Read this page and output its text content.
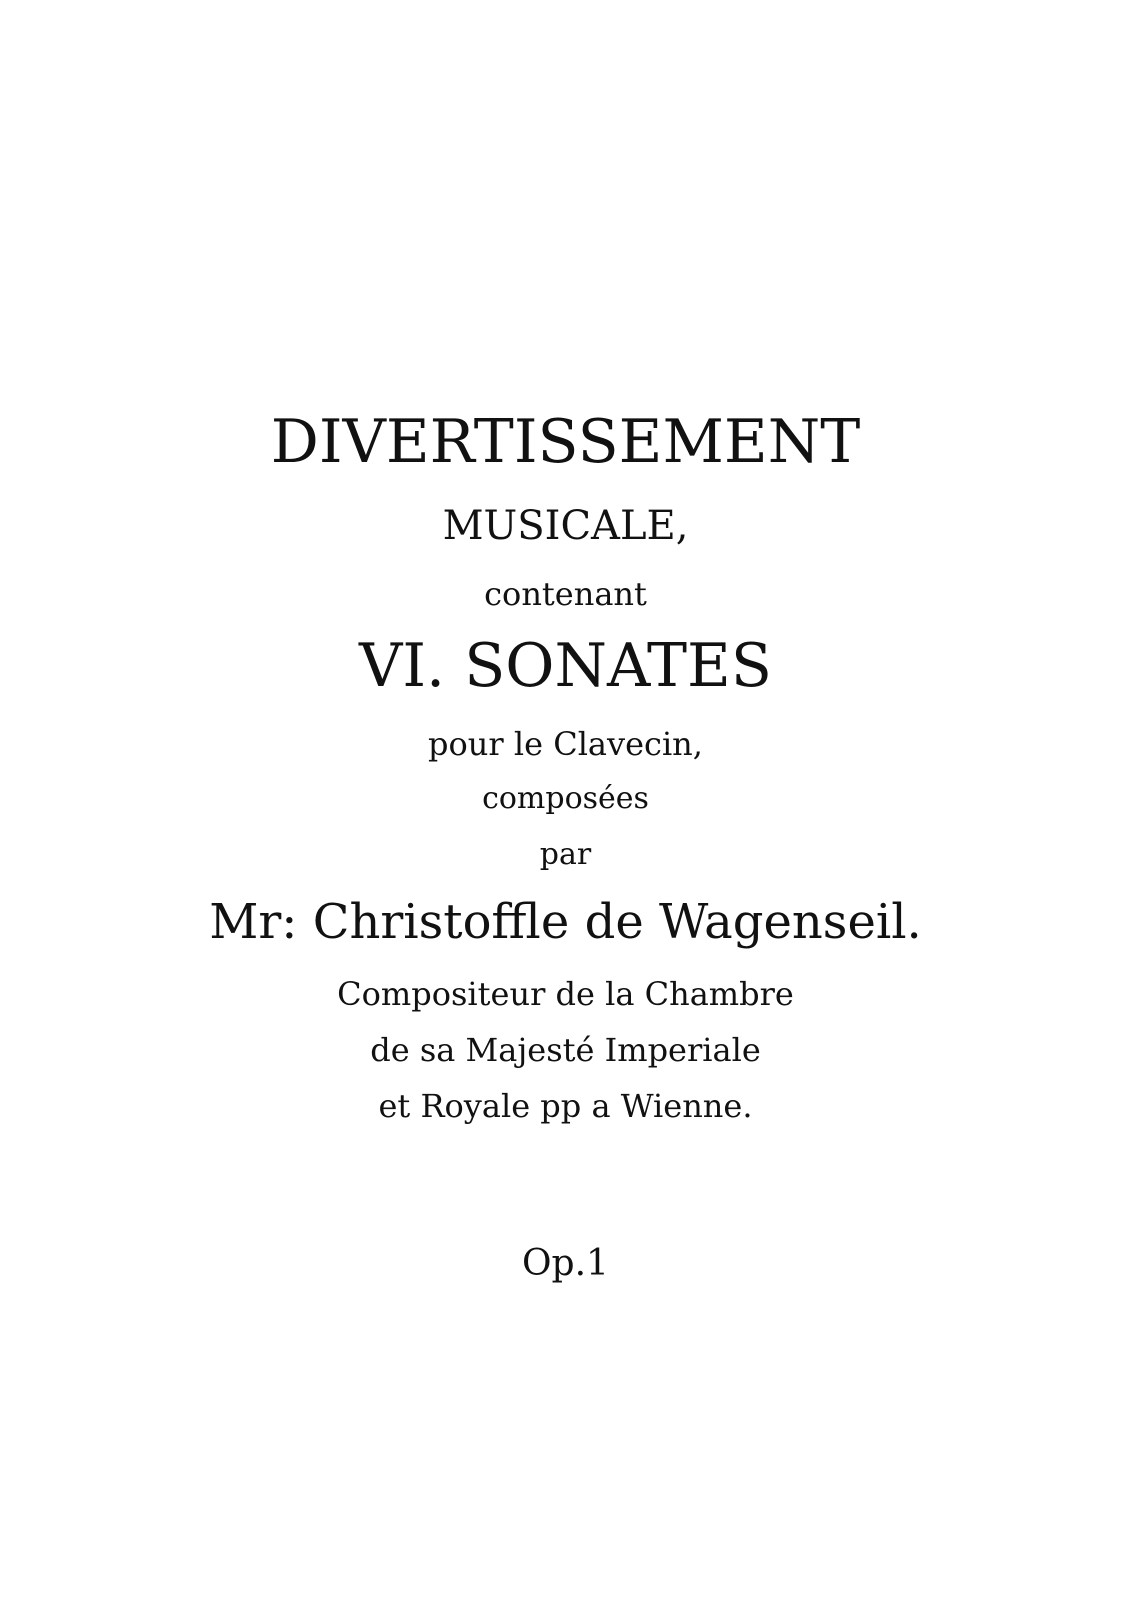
DIVERTISSEMENT
MUSICALE,
contenant
VI. SONATES
pour le Clavecin,
composées
par
Mr: Christoffle de Wagenseil.
Compositeur de la Chambre
de sa Majesté Imperiale
et Royale pp a Wienne.
Op.1
